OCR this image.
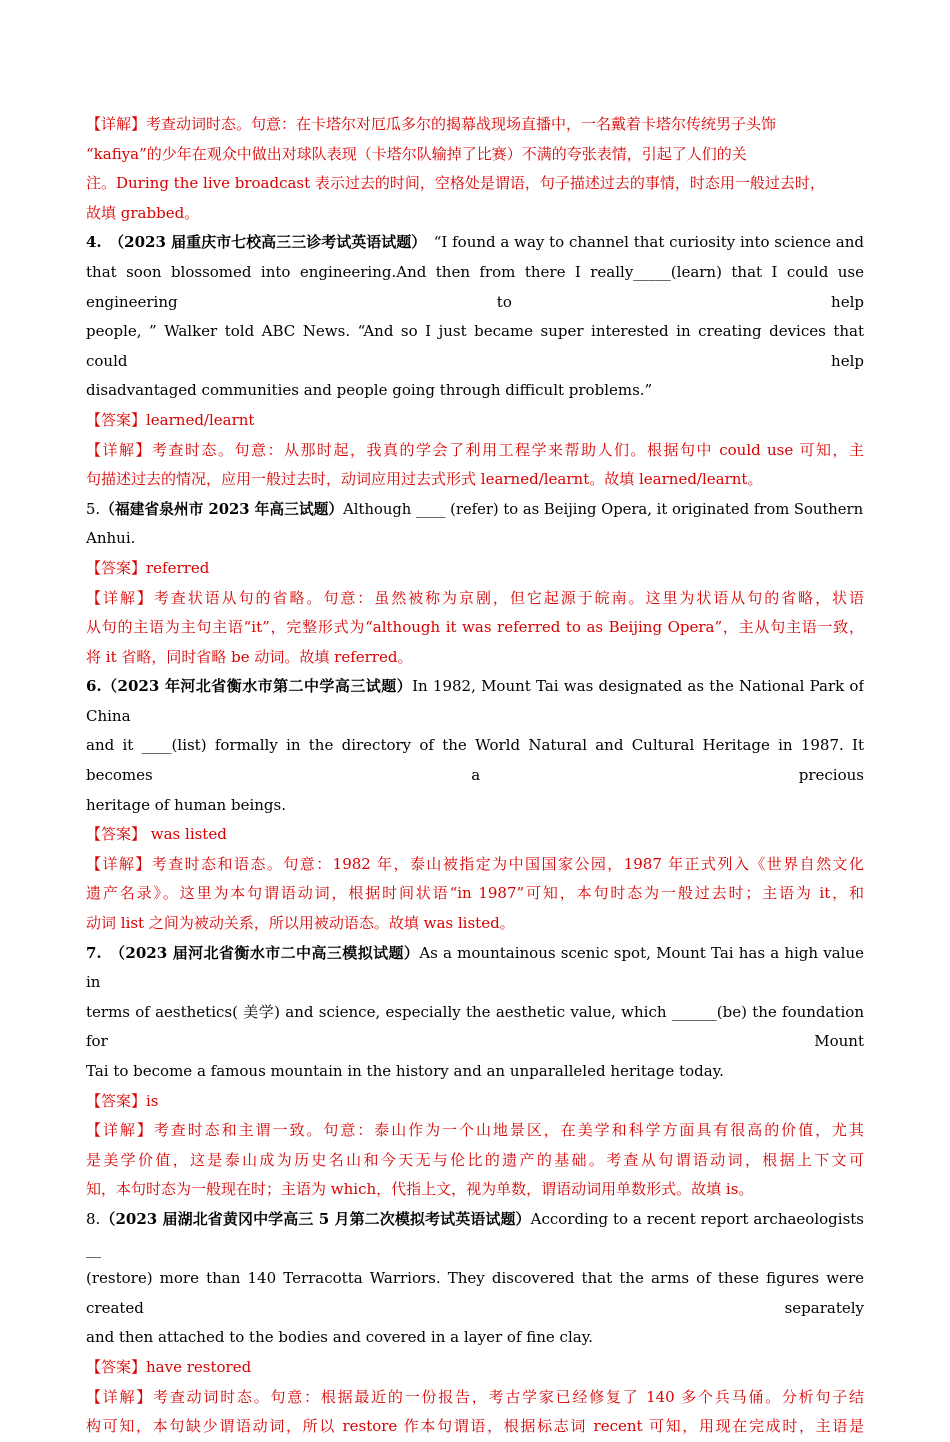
【详解】考查动词时态。句意：在卡塔尔对厄瓜多尔的揭幕战现场直播中，一名戴着卡塔尔传统男子头饰
“kafiya”的少年在观众中做出对球队表现（卡塔尔队输掉了比赛）不满的夸张表情，引起了人们的关
注。During the live broadcast 表示过去的时间，空格处是谓语，句子描述过去的事情，时态用一般过去时，
故填 grabbed。
4.　（2023 届重庆市七校高三三诊考试英语试题）　“I found a way to channel that curiosity into science and
that soon blossomed into engineering.And then from there I really_____(learn) that I could use engineering to help
people, ” Walker told ABC News. “And so I just became super interested in creating devices that could help
disadvantaged communities and people going through difficult problems.”
【答案】learned/learnt
【详解】考查时态。句意：从那时起，我真的学会了利用工程学来帮助人们。根据句中 could use 可知，主
句描述过去的情况，应用一般过去时，动词应用过去式形式 learned/learnt。故填 learned/learnt。
5.（福建省泉州市 2023 年高三试题）Although ____ (refer) to as Beijing Opera, it originated from Southern
Anhui.
【答案】referred
【详解】考查状语从句的省略。句意：虽然被称为京剧，但它起源于皖南。这里为状语从句的省略，状语
从句的主语为主句主语“it”，完整形式为“although it was referred to as Beijing Opera”，主从句主语一致，
将 it 省略，同时省略 be 动词。故填 referred。
6.（2023 年河北省衡水市第二中学高三试题）In 1982, Mount Tai was designated as the National Park of China
and it ____(list) formally in the directory of the World Natural and Cultural Heritage in 1987. It becomes a precious
heritage of human beings.
【答案】 was listed
【详解】考查时态和语态。句意：1982 年，泰山被指定为中国国家公园，1987 年正式列入《世界自然文化
遗产名录》。这里为本句谓语动词，根据时间状语“in 1987”可知，本句时态为一般过去时；主语为 it，和
动词 list 之间为被动关系，所以用被动语态。故填 was listed。
7.　（2023 届河北省衡水市二中高三模拟试题）As a mountainous scenic spot, Mount Tai has a high value in
terms of aesthetics( 美学) and science, especially the aesthetic value, which ______(be) the foundation for Mount
Tai to become a famous mountain in the history and an unparalleled heritage today.
【答案】is
【详解】考查时态和主谓一致。句意：泰山作为一个山地景区，在美学和科学方面具有很高的价值，尤其
是美学价值，这是泰山成为历史名山和今天无与伦比的遗产的基础。考查从句谓语动词，根据上下文可
知，本句时态为一般现在时；主语为 which，代指上文，视为单数，谓语动词用单数形式。故填 is。
8.（2023 届湖北省黄冈中学高三 5 月第二次模拟考试英语试题）According to a recent report archaeologists __
(restore) more than 140 Terracotta Warriors. They discovered that the arms of these figures were created separately
and then attached to the bodies and covered in a layer of fine clay.
【答案】have restored
【详解】考查动词时态。句意：根据最近的一份报告，考古学家已经修复了 140 多个兵马俑。分析句子结
构可知，本句缺少谓语动词，所以 restore 作本句谓语，根据标志词 recent 可知，用现在完成时，主语是
